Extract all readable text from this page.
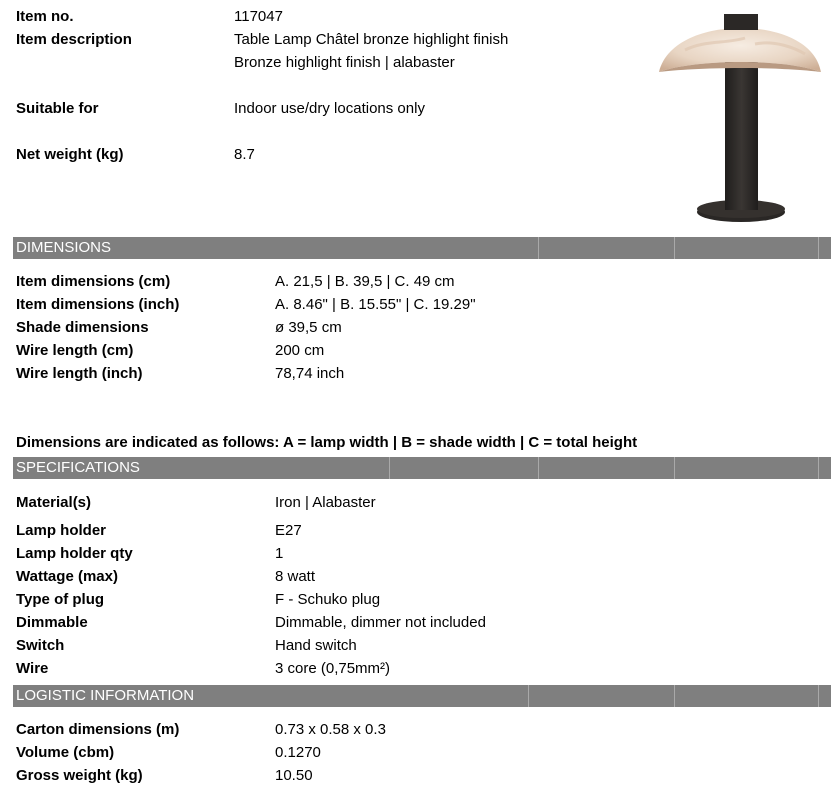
Item no.	117047
Item description	Table Lamp Châtel bronze highlight finish
Bronze highlight finish | alabaster
Suitable for	Indoor use/dry locations only
Net weight (kg)	8.7
DIMENSIONS
Item dimensions (cm)	A. 21,5 | B. 39,5 | C. 49 cm
Item dimensions (inch)	A. 8.46" | B. 15.55" | C. 19.29"
Shade dimensions	ø 39,5 cm
Wire length (cm)	200 cm
Wire length (inch)	78,74 inch
Dimensions are indicated as follows: A = lamp width | B = shade width | C = total height
SPECIFICATIONS
Material(s)	Iron | Alabaster
Lamp holder	E27
Lamp holder qty	1
Wattage (max)	8 watt
Type of plug	F - Schuko plug
Dimmable	Dimmable, dimmer not included
Switch	Hand switch
Wire	3 core (0,75mm²)
LOGISTIC INFORMATION
Carton dimensions (m)	0.73 x 0.58 x 0.3
Volume (cbm)	0.1270
Gross weight (kg)	10.50
